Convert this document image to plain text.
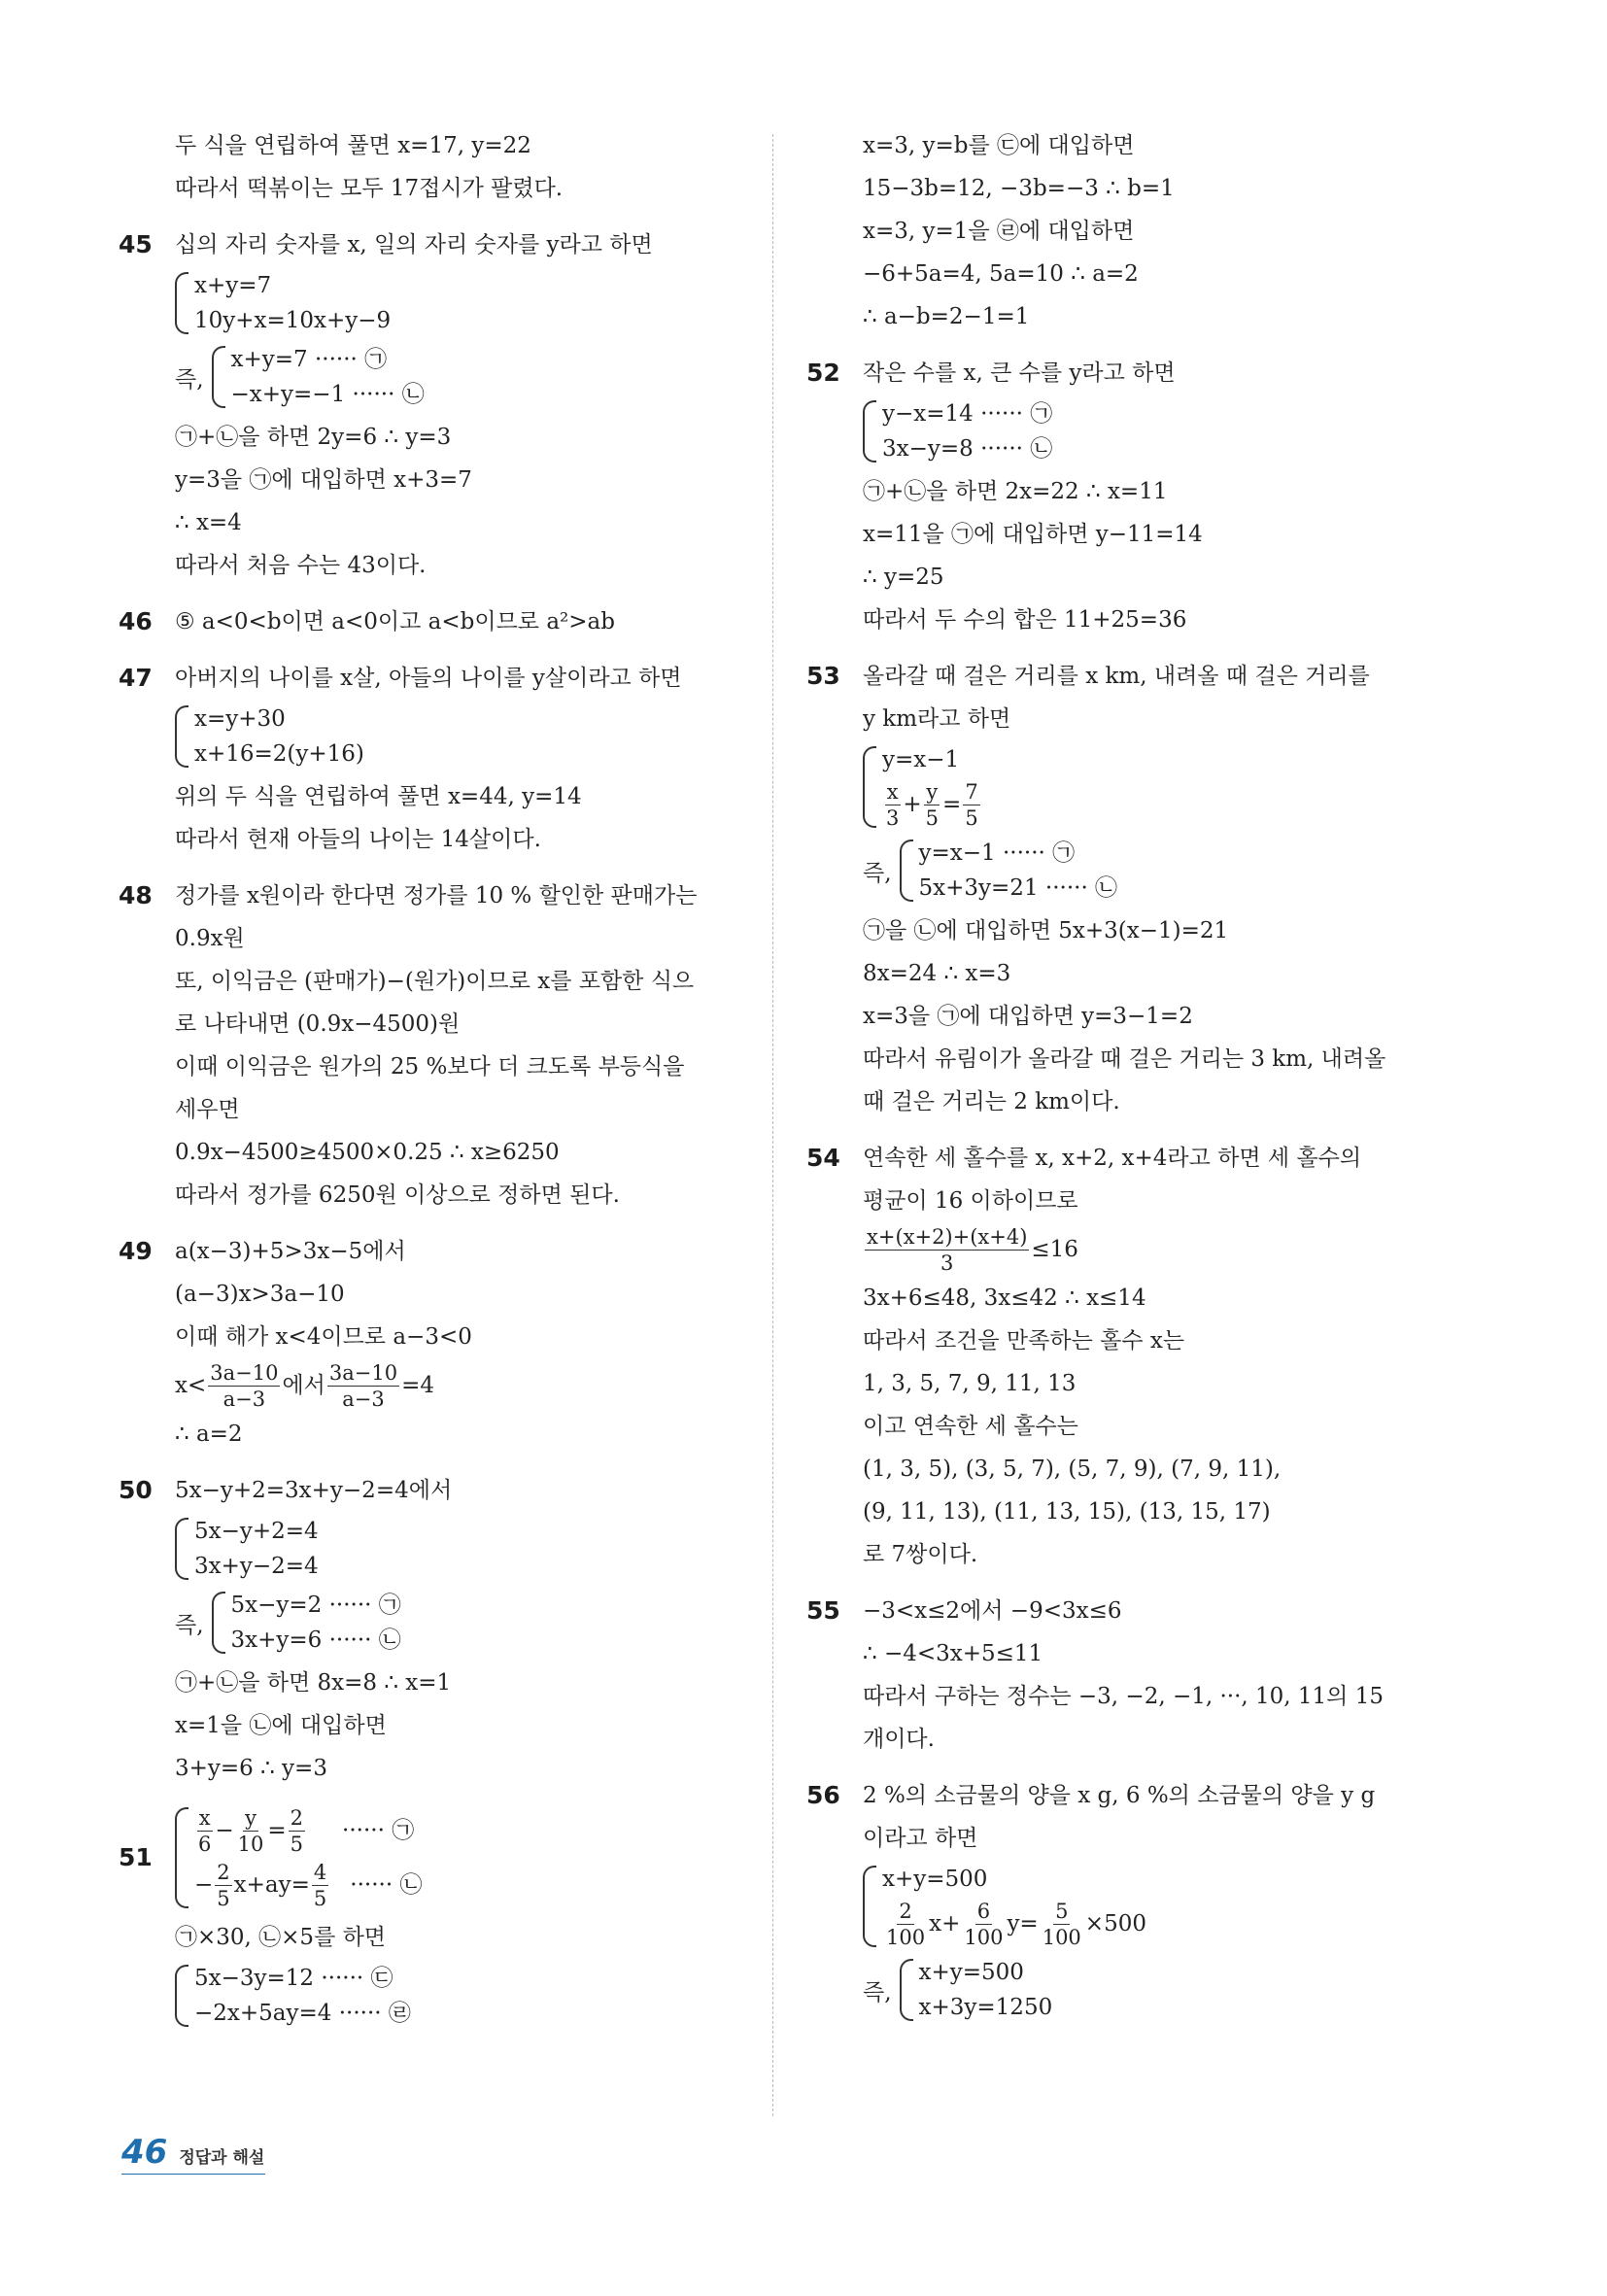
두 식을 연립하여 풀면 x=17, y=22
따라서 떡볶이는 모두 17접시가 팔렸다.
45 십의 자리 숫자를 x, 일의 자리 숫자를 y라고 하면
x+y=7
10y+x=10x+y−9
즉,
x+y=7 ······ ㉠
−x+y=−1 ······ ㉡
㉠+㉡을 하면 2y=6 ∴ y=3
y=3을 ㉠에 대입하면 x+3=7
∴ x=4
따라서 처음 수는 43이다.
46 ⑤ a<0<b이면 a<0이고 a<b이므로 a²>ab
47 아버지의 나이를 x살, 아들의 나이를 y살이라고 하면
x=y+30
x+16=2(y+16)
위의 두 식을 연립하여 풀면 x=44, y=14
따라서 현재 아들의 나이는 14살이다.
48 정가를 x원이라 한다면 정가를 10 % 할인한 판매가는
0.9x원
또, 이익금은 (판매가)−(원가)이므로 x를 포함한 식으
로 나타내면 (0.9x−4500)원
이때 이익금은 원가의 25 %보다 더 크도록 부등식을
세우면
0.9x−4500≥4500×0.25 ∴ x≥6250
따라서 정가를 6250원 이상으로 정하면 된다.
49 a(x−3)+5>3x−5에서
(a−3)x>3a−10
이때 해가 x<4이므로 a−3<0
$x< \frac{3a-10}{a-3}$ 에서 $\frac{3a-10}{a-3} =4$
∴ a=2
50 5x−y+2=3x+y−2=4에서
5x−y+2=4
3x+y−2=4
즉,
5x−y=2 ······ ㉠
3x+y=6 ······ ㉡
㉠+㉡을 하면 8x=8 ∴ x=1
x=1을 ㉡에 대입하면
3+y=6 ∴ y=3
51
$\frac{x}{6} - \frac{y}{10} = \frac{2}{5}$ ······ ㉠
− $\frac{2}{5} x+ay= \frac{4}{5}$ ······ ㉡
㉠×30, ㉡×5를 하면
5x−3y=12 ······ ㉢
−2x+5ay=4 ······ ㉣
x=3, y=b를 ㉢에 대입하면
15−3b=12, −3b=−3 ∴ b=1
x=3, y=1을 ㉣에 대입하면
−6+5a=4, 5a=10 ∴ a=2
∴ a−b=2−1=1
52 작은 수를 x, 큰 수를 y라고 하면
y−x=14 ······ ㉠
3x−y=8 ······ ㉡
㉠+㉡을 하면 2x=22 ∴ x=11
x=11을 ㉠에 대입하면 y−11=14
∴ y=25
따라서 두 수의 합은 11+25=36
53 올라갈 때 걸은 거리를 x km, 내려올 때 걸은 거리를
y km라고 하면
y=x−1
$\frac{x}{3} + \frac{y}{5} = \frac{7}{5}$
즉,
y=x−1 ······ ㉠
5x+3y=21 ······ ㉡
㉠을 ㉡에 대입하면 5x+3(x−1)=21
8x=24 ∴ x=3
x=3을 ㉠에 대입하면 y=3−1=2
따라서 유림이가 올라갈 때 걸은 거리는 3 km, 내려올
때 걸은 거리는 2 km이다.
54 연속한 세 홀수를 x, x+2, x+4라고 하면 세 홀수의
평균이 16 이하이므로
$\frac{x+(x+2)+(x+4)}{3} \le 16$
3x+6≤48, 3x≤42 ∴ x≤14
따라서 조건을 만족하는 홀수 x는
1, 3, 5, 7, 9, 11, 13
이고 연속한 세 홀수는
(1, 3, 5), (3, 5, 7), (5, 7, 9), (7, 9, 11),
(9, 11, 13), (11, 13, 15), (13, 15, 17)
로 7쌍이다.
55 −3<x≤2에서 −9<3x≤6
∴ −4<3x+5≤11
따라서 구하는 정수는 −3, −2, −1, ···, 10, 11의 15
개이다.
56 2 %의 소금물의 양을 x g, 6 %의 소금물의 양을 y g
이라고 하면
x+y=500
$\frac{2}{100} x+ \frac{6}{100} y= \frac{5}{100} \times 500$
즉,
x+y=500
x+3y=1250
46 정답과 해설
